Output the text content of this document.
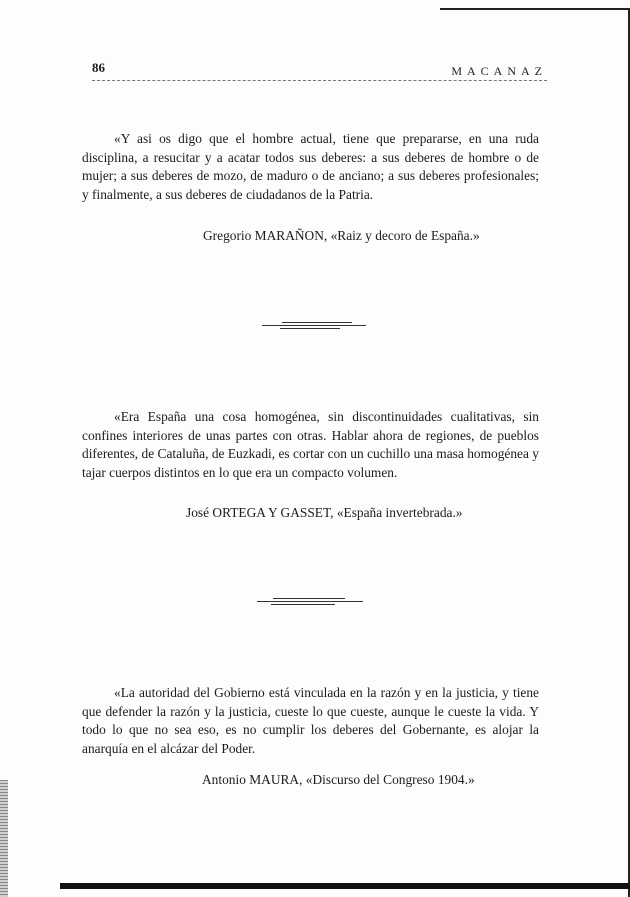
86	MACANAZ

«Y asi os digo que el hombre actual, tiene que prepararse, en una ruda disciplina, a resucitar y a acatar todos sus deberes: a sus deberes de hombre o de mujer; a sus deberes de mozo, de maduro o de anciano; a sus deberes profesionales; y finalmente, a sus deberes de ciudadanos de la Patria.

Gregorio MARAÑON, «Raiz y decoro de España.»

«Era España una cosa homogénea, sin discontinuidades cualitativas, sin confines interiores de unas partes con otras. Hablar ahora de regiones, de pueblos diferentes, de Cataluña, de Euzkadi, es cortar con un cuchillo una masa homogénea y tajar cuerpos distintos en lo que era un compacto volumen.

José ORTEGA Y GASSET, «España invertebrada.»

«La autoridad del Gobierno está vinculada en la razón y en la justicia, y tiene que defender la razón y la justicia, cueste lo que cueste, aunque le cueste la vida. Y todo lo que no sea eso, es no cumplir los deberes del Gobernante, es alojar la anarquía en el alcázar del Poder.

Antonio MAURA, «Discurso del Congreso 1904.»
